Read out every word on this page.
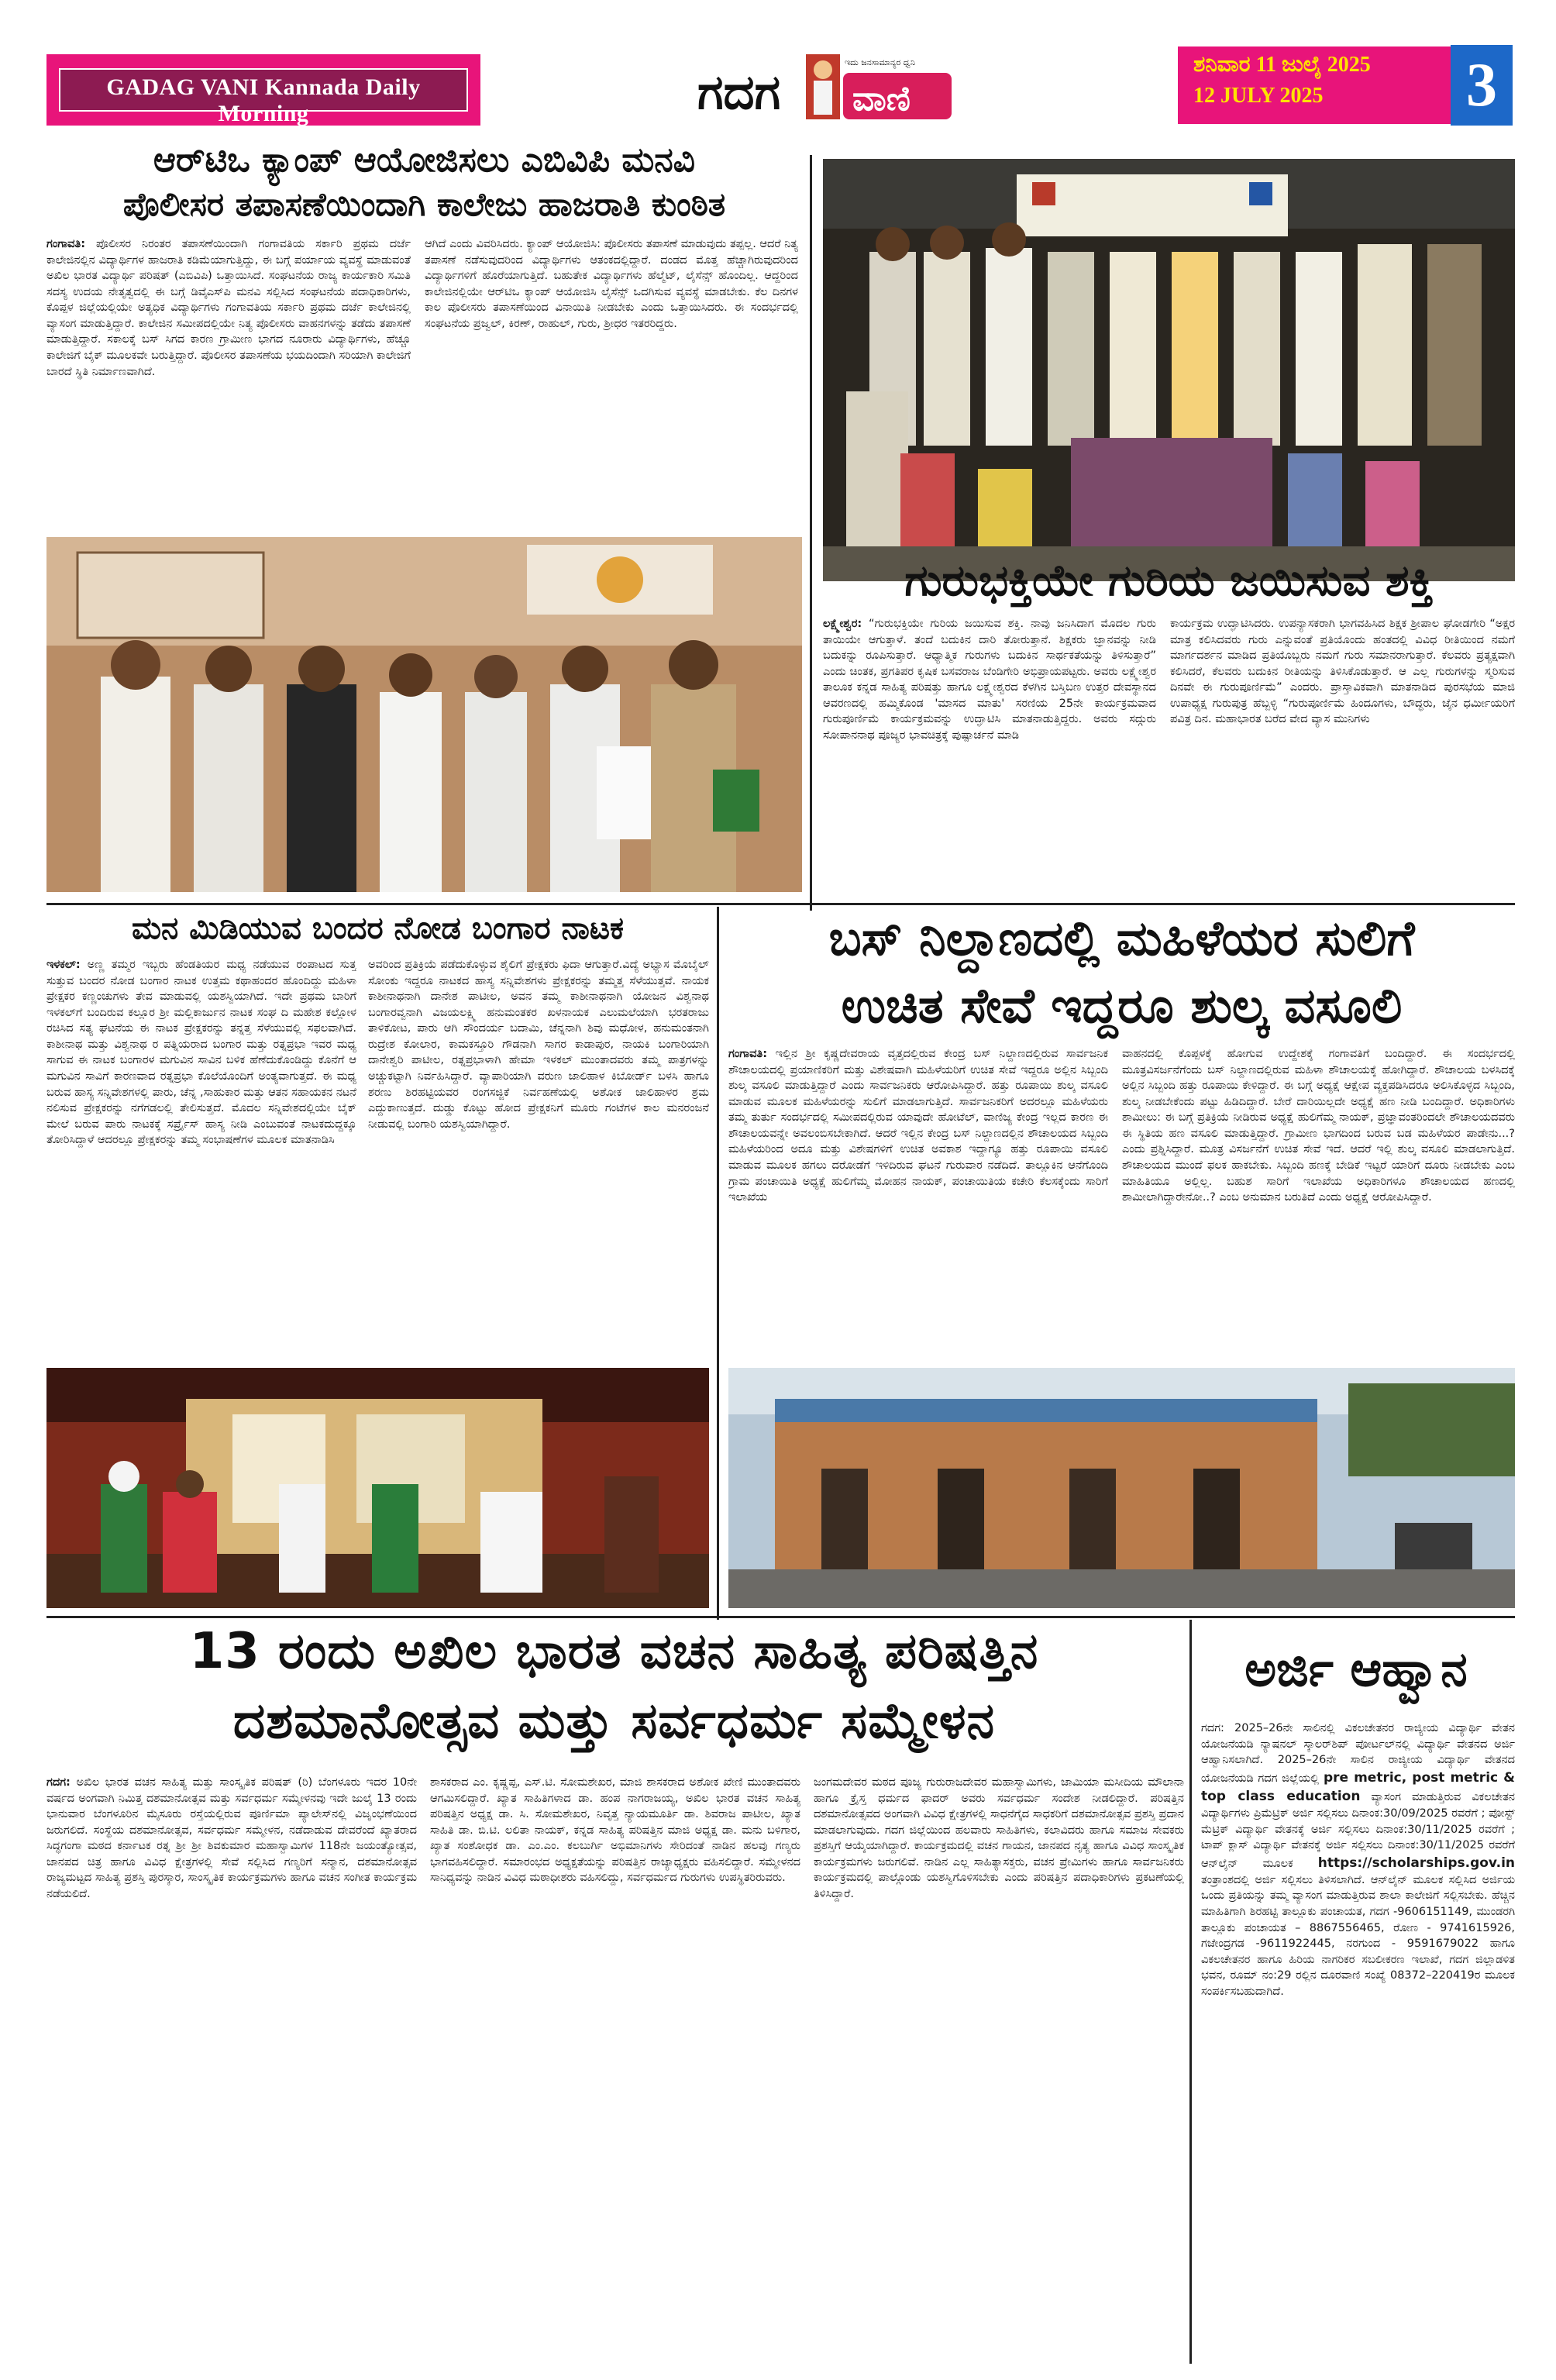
GADAG VANI Kannada Daily Morning	ಗದಗ
ಇದು ಜನಸಾಮಾನ್ಯರ ಧ್ವನಿ
ವಾಣಿ
ಶನಿವಾರ 11 ಜುಲೈ 2025
12 JULY 2025 3
ಆರ್‌ಟಿಒ ಕ್ಯಾಂಪ್ ಆಯೋಜಿಸಲು ಎಬಿವಿಪಿ ಮನವಿ
ಪೊಲೀಸರ ತಪಾಸಣೆಯಿಂದಾಗಿ ಕಾಲೇಜು ಹಾಜರಾತಿ ಕುಂಠಿತ
ಗಂಗಾವತಿ: ಪೊಲೀಸರ ನಿರಂತರ ತಪಾಸಣೆಯಿಂದಾಗಿ ಗಂಗಾವತಿಯ ಸರ್ಕಾರಿ ಪ್ರಥಮ ದರ್ಜೆ ಕಾಲೇಜಿನಲ್ಲಿನ ವಿದ್ಯಾರ್ಥಿಗಳ ಹಾಜರಾತಿ ಕಡಿಮೆಯಾಗುತ್ತಿದ್ದು, ಈ ಬಗ್ಗೆ ಪರ್ಯಾಯ ವ್ಯವಸ್ಥೆ ಮಾಡುವಂತೆ ಅಖಿಲ ಭಾರತ ವಿದ್ಯಾರ್ಥಿ ಪರಿಷತ್ (ಎಬಿವಿಪಿ) ಒತ್ತಾಯಿಸಿದೆ. ಸಂಘಟನೆಯ ರಾಜ್ಯ ಕಾರ್ಯಕಾರಿ ಸಮಿತಿ ಸದಸ್ಯ ಉದಯ ನೇತೃತ್ವದಲ್ಲಿ ಈ ಬಗ್ಗೆ ಡಿವೈಎಸ್‌ಪಿ ಮನವಿ ಸಲ್ಲಿಸಿದ ಸಂಘಟನೆಯ ಪದಾಧಿಕಾರಿಗಳು, ಕೊಪ್ಪಳ ಜಿಲ್ಲೆಯಲ್ಲಿಯೇ ಅತ್ಯಧಿಕ ವಿದ್ಯಾರ್ಥಿಗಳು ಗಂಗಾವತಿಯ ಸರ್ಕಾರಿ ಪ್ರಥಮ ದರ್ಜೆ ಕಾಲೇಜಿನಲ್ಲಿ ವ್ಯಾಸಂಗ ಮಾಡುತ್ತಿದ್ದಾರೆ. ಕಾಲೇಜಿನ ಸಮೀಪದಲ್ಲಿಯೇ ನಿತ್ಯ ಪೊಲೀಸರು ವಾಹನಗಳನ್ನು ತಡೆದು ತಪಾಸಣೆ ಮಾಡುತ್ತಿದ್ದಾರೆ. ಸಕಾಲಕ್ಕೆ ಬಸ್ ಸಿಗದ ಕಾರಣ ಗ್ರಾಮೀಣ ಭಾಗದ ನೂರಾರು ವಿದ್ಯಾರ್ಥಿಗಳು, ಹೆಚ್ಚೂ ಕಾಲೇಜಿಗೆ ಬೈಕ್ ಮೂಲಕವೇ ಬರುತ್ತಿದ್ದಾರೆ. ಪೊಲೀಸರ ತಪಾಸಣೆಯ ಭಯದಿಂದಾಗಿ ಸರಿಯಾಗಿ ಕಾಲೇಜಿಗೆ ಬಾರದೆ ಸ್ಥಿತಿ ನಿರ್ಮಾಣವಾಗಿದೆ.
ಆಗಿದೆ ಎಂದು ವಿವರಿಸಿದರು. ಕ್ಯಾಂಪ್ ಆಯೋಜಿಸಿ: ಪೊಲೀಸರು ತಪಾಸಣೆ ಮಾಡುವುದು ತಪ್ಪಲ್ಲ. ಆದರೆ ನಿತ್ಯ ತಪಾಸಣೆ ನಡೆಸುವುದರಿಂದ ವಿದ್ಯಾರ್ಥಿಗಳು ಆತಂಕದಲ್ಲಿದ್ದಾರೆ. ದಂಡದ ಮೊತ್ತ ಹೆಚ್ಚಾಗಿರುವುದರಿಂದ ವಿದ್ಯಾರ್ಥಿಗಳಿಗೆ ಹೊರೆಯಾಗುತ್ತಿದೆ. ಬಹುತೇಕ ವಿದ್ಯಾರ್ಥಿಗಳು ಹೆಲ್ಮೆಟ್, ಲೈಸೆನ್ಸ್ ಹೊಂದಿಲ್ಲ. ಆದ್ದರಿಂದ ಕಾಲೇಜಿನಲ್ಲಿಯೇ ಆರ್‌ಟಿಒ ಕ್ಯಾಂಪ್ ಆಯೋಜಿಸಿ ಲೈಸೆನ್ಸ್ ಒದಗಿಸುವ ವ್ಯವಸ್ಥೆ ಮಾಡಬೇಕು. ಕೆಲ ದಿನಗಳ ಕಾಲ ಪೊಲೀಸರು ತಪಾಸಣೆಯಿಂದ ವಿನಾಯಿತಿ ನೀಡಬೇಕು ಎಂದು ಒತ್ತಾಯಿಸಿದರು. ಈ ಸಂದರ್ಭದಲ್ಲಿ ಸಂಘಟನೆಯ ಪ್ರಜ್ವಲ್, ಕಿರಣ್, ರಾಹುಲ್, ಗುರು, ಶ್ರೀಧರ ಇತರರಿದ್ದರು.
ಗುರುಭಕ್ತಿಯೇ ಗುರಿಯ ಜಯಿಸುವ ಶಕ್ತಿ
ಲಕ್ಷ್ಮೇಶ್ವರ: “ಗುರುಭಕ್ತಿಯೇ ಗುರಿಯ ಜಯಿಸುವ ಶಕ್ತಿ. ನಾವು ಜನಿಸಿದಾಗ ಮೊದಲ ಗುರು ತಾಯಿಯೇ ಆಗುತ್ತಾಳೆ. ತಂದೆ ಬದುಕಿನ ದಾರಿ ತೋರುತ್ತಾನೆ. ಶಿಕ್ಷಕರು ಜ್ಞಾನವನ್ನು ನೀಡಿ ಬದುಕನ್ನು ರೂಪಿಸುತ್ತಾರೆ. ಆಧ್ಯಾತ್ಮಿಕ ಗುರುಗಳು ಬದುಕಿನ ಸಾರ್ಥಕತೆಯನ್ನು ತಿಳಿಸುತ್ತಾರೆ” ಎಂದು ಚಿಂತಕ, ಪ್ರಗತಿಪರ ಕೃಷಿಕ ಬಸವರಾಜ ಬೆಂಡಿಗೇರಿ ಅಭಿಪ್ರಾಯಪಟ್ಟರು. ಅವರು ಲಕ್ಷ್ಮೇಶ್ವರ ತಾಲೂಕ ಕನ್ನಡ ಸಾಹಿತ್ಯ ಪರಿಷತ್ತು ಹಾಗೂ ಲಕ್ಷ್ಮೇಶ್ವರದ ಕೆಳಗಿನ ಬಸ್ತಿಬಣ ಉತ್ತರ ದೇವಸ್ಥಾನದ ಆವರಣದಲ್ಲಿ ಹಮ್ಮಿಕೊಂಡ 'ಮಾಸದ ಮಾತು' ಸರಣಿಯ 25ನೇ ಕಾರ್ಯಕ್ರಮವಾದ ಗುರುಪೂರ್ಣಿಮೆ ಕಾರ್ಯಕ್ರಮವನ್ನು ಉದ್ಘಾಟಿಸಿ ಮಾತನಾಡುತ್ತಿದ್ದರು. ಅವರು ಸದ್ಗುರು ಸೋಪಾನನಾಥ ಪೂಜ್ಯರ ಭಾವಚಿತ್ರಕ್ಕೆ ಪುಷ್ಪಾರ್ಚನೆ ಮಾಡಿ
ಕಾರ್ಯಕ್ರಮ ಉದ್ಘಾಟಿಸಿದರು. ಉಪನ್ಯಾಸಕರಾಗಿ ಭಾಗವಹಿಸಿದ ಶಿಕ್ಷಕ ಶ್ರೀಪಾಲ ಘೋಡಗೇರಿ “ಅಕ್ಷರ ಮಾತ್ರ ಕಲಿಸಿದವರು ಗುರು ಎನ್ನುವಂತೆ ಪ್ರತಿಯೊಂದು ಹಂತದಲ್ಲಿ ವಿವಿಧ ರೀತಿಯಿಂದ ನಮಗೆ ಮಾರ್ಗದರ್ಶನ ಮಾಡಿದ ಪ್ರತಿಯೊಬ್ಬರು ನಮಗೆ ಗುರು ಸಮಾನರಾಗುತ್ತಾರೆ. ಕೆಲವರು ಪ್ರತ್ಯಕ್ಷವಾಗಿ ಕಲಿಸಿದರೆ, ಕೆಲವರು ಬದುಕಿನ ರೀತಿಯನ್ನು ತಿಳಿಸಿಕೊಡುತ್ತಾರೆ. ಆ ಎಲ್ಲ ಗುರುಗಳನ್ನು ಸ್ಮರಿಸುವ ದಿನವೇ ಈ ಗುರುಪೂರ್ಣಿಮೆ” ಎಂದರು. ಪ್ರಾಸ್ತಾವಿಕವಾಗಿ ಮಾತನಾಡಿದ ಪುರಸಭೆಯ ಮಾಜಿ ಉಪಾಧ್ಯಕ್ಷ ಗುರುಪುತ್ರ ಹೆಬ್ಬಳ್ಳಿ “ಗುರುಪೂರ್ಣಿಮೆ ಹಿಂದೂಗಳು, ಬೌದ್ಧರು, ಜೈನ ಧರ್ಮೀಯರಿಗೆ ಪವಿತ್ರ ದಿನ. ಮಹಾಭಾರತ ಬರೆದ ವೇದ ವ್ಯಾಸ ಮುನಿಗಳು
ಮನ ಮಿಡಿಯುವ ಬಂದರ ನೋಡ ಬಂಗಾರ ನಾಟಕ
ಇಳಕಲ್: ಅಣ್ಣ ತಮ್ಮರ ಇಬ್ಬರು ಹೆಂಡತಿಯರ ಮಧ್ಯ ನಡೆಯುವ ರಂಪಾಟದ ಸುತ್ತ ಸುತ್ತುವ ಬಂದರ ನೋಡ ಬಂಗಾರ ನಾಟಕ ಉತ್ತಮ ಕಥಾಹಂದರ ಹೊಂದಿದ್ದು ಮಹಿಳಾ ಪ್ರೇಕ್ಷಕರ ಕಣ್ಣಂಚುಗಳು ತೇವ ಮಾಡುವಲ್ಲಿ ಯಶಸ್ವಿಯಾಗಿದೆ. ಇದೇ ಪ್ರಥಮ ಬಾರಿಗೆ ಇಳಕಲ್‌ಗೆ ಬಂದಿರುವ ಕಲ್ಲೂರ ಶ್ರೀ ಮಲ್ಲಿಕಾರ್ಜುನ ನಾಟಕ ಸಂಘ ದಿ ಮಹೇಶ ಕಲ್ಲೋಳ ರಚಿಸಿದ ಸತ್ಯ ಘಟನೆಯ ಈ ನಾಟಕ ಪ್ರೇಕ್ಷಕರನ್ನು ತನ್ನತ್ತ ಸೆಳೆಯುವಲ್ಲಿ ಸಫಲವಾಗಿದೆ. ಕಾಶೀನಾಥ ಮತ್ತು ವಿಶ್ವನಾಥ ರ ಪತ್ನಿಯರಾದ ಬಂಗಾರ ಮತ್ತು ರತ್ನಪ್ರಭಾ ಇವರ ಮಧ್ಯ ಸಾಗುವ ಈ ನಾಟಕ ಬಂಗಾರಳ ಮಗುವಿನ ಸಾವಿನ ಬಳಿಕ ಹೆಣೆದುಕೊಂಡಿದ್ದು ಕೊನೆಗೆ ಆ ಮಗುವಿನ ಸಾವಿಗೆ ಕಾರಣವಾದ ರತ್ನಪ್ರಭಾ ಕೊಲೆಯೊಂದಿಗೆ ಅಂತ್ಯವಾಗುತ್ತದೆ. ಈ ಮಧ್ಯ ಬರುವ ಹಾಸ್ಯ ಸನ್ನಿವೇಶಗಳಲ್ಲಿ ಪಾರು, ಚೆನ್ನ ,ಸಾಹುಕಾರ ಮತ್ತು ಆತನ ಸಹಾಯಕನ ನಟನೆ ನಲಿಸುವ ಪ್ರೇಕ್ಷಕರನ್ನು ನಗೆಗಡಲಲ್ಲಿ ತೇಲಿಸುತ್ತದೆ. ಮೊದಲ ಸನ್ನಿವೇಶದಲ್ಲಿಯೇ ಬೈಕ್ ಮೇಲೆ ಬರುವ ಪಾರು ನಾಟಕಕ್ಕೆ ಸರ್ಪ್ರೈಸ್ ಹಾಸ್ಯ ನೀಡಿ ಎಂಬುವಂತೆ ನಾಟಕದುದ್ದಕ್ಕೂ ತೋರಿಸಿದ್ದಾಳೆ ಆದರಲ್ಲೂ ಪ್ರೇಕ್ಷಕರನ್ನು ತಮ್ಮ ಸಂಭಾಷಣೆಗಳ ಮೂಲಕ ಮಾತನಾಡಿಸಿ
ಅವರಿಂದ ಪ್ರತಿಕ್ರಿಯೆ ಪಡೆದುಕೊಳ್ಳುವ ಶೈಲಿಗೆ ಪ್ರೇಕ್ಷಕರು ಫಿದಾ ಆಗುತ್ತಾರೆ.ವಿದ್ಯೆ ಅಭ್ಯಾಸ ಮೊಬೈಲ್ ಸೋಂಕು ಇದ್ದರೂ ನಾಟಕದ ಹಾಸ್ಯ ಸನ್ನಿವೇಶಗಳು ಪ್ರೇಕ್ಷಕರನ್ನು ತಮ್ಮತ್ತ ಸೆಳೆಯುತ್ತವೆ. ನಾಯಕ ಕಾಶೀನಾಥನಾಗಿ ದಾನೇಶ ಪಾಟೀಲ, ಅವನ ತಮ್ಮ ಕಾಶೀನಾಥನಾಗಿ ಯೋಜನ ವಿಶ್ವನಾಥ ಬಂಗಾರವ್ವನಾಗಿ ವಿಜಯಲಕ್ಷ್ಮಿ ಹನುಮಂತಕರ ಖಳನಾಯಕ ಎಲುಮಲೆಯಾಗಿ ಭರತರಾಜು ತಾಳಿಕೋಟ, ಪಾರು ಆಗಿ ಸೌಂದರ್ಯ ಬದಾಮಿ, ಚೆನ್ನನಾಗಿ ಶಿವು ಮಧೋಳ, ಹನುಮಂತನಾಗಿ ರುದ್ರೇಶ ಕೋಲಾರ, ಕಾಮಕಸ್ತೂರಿ ಗೌಡನಾಗಿ ಸಾಗರ ಕಾಡಾಪುರ, ನಾಯಕಿ ಬಂಗಾರಿಯಾಗಿ ದಾನೇಶ್ವರಿ ಪಾಟೀಲ, ರತ್ನಪ್ರಭಾಳಾಗಿ ಹೇಮಾ ಇಳಕಲ್ ಮುಂತಾದವರು ತಮ್ಮ ಪಾತ್ರಗಳನ್ನು ಅಚ್ಚುಕಟ್ಟಾಗಿ ನಿರ್ವಹಿಸಿದ್ದಾರೆ. ವ್ಯಾಪಾರಿಯಾಗಿ ವರುಣ ಜಾಲಿಹಾಳ ಕಿಬೋರ್ಡ್ ಬಳಸಿ ಹಾಗೂ ಶರಣು ಶಿರಹಟ್ಟಿಯವರ ರಂಗಸಜ್ಜಿಕೆ ನಿರ್ವಹಣೆಯಲ್ಲಿ ಅಶೋಕ ಜಾಲಿಹಾಳರ ಶ್ರಮ ಎದ್ದುಕಾಣುತ್ತದೆ. ದುಡ್ಡು ಕೊಟ್ಟು ಹೋದ ಪ್ರೇಕ್ಷಕನಿಗೆ ಮೂರು ಗಂಟೆಗಳ ಕಾಲ ಮನರಂಜನೆ ನೀಡುವಲ್ಲಿ ಬಂಗಾರಿ ಯಶಸ್ವಿಯಾಗಿದ್ದಾರೆ.
ಬಸ್ ನಿಲ್ದಾಣದಲ್ಲಿ ಮಹಿಳೆಯರ ಸುಲಿಗೆ
ಉಚಿತ ಸೇವೆ ಇದ್ದರೂ ಶುಲ್ಕ ವಸೂಲಿ
ಗಂಗಾವತಿ: ಇಲ್ಲಿನ ಶ್ರೀ ಕೃಷ್ಣದೇವರಾಯ ವೃತ್ತದಲ್ಲಿರುವ ಕೇಂದ್ರ ಬಸ್ ನಿಲ್ದಾಣದಲ್ಲಿರುವ ಸಾರ್ವಜನಿಕ ಶೌಚಾಲಯದಲ್ಲಿ ಪ್ರಯಾಣಿಕರಿಗೆ ಮತ್ತು ವಿಶೇಷವಾಗಿ ಮಹಿಳೆಯರಿಗೆ ಉಚಿತ ಸೇವೆ ಇದ್ದರೂ ಅಲ್ಲಿನ ಸಿಬ್ಬಂದಿ ಶುಲ್ಕ ವಸೂಲಿ ಮಾಡುತ್ತಿದ್ದಾರೆ ಎಂದು ಸಾರ್ವಜನಿಕರು ಆರೋಪಿಸಿದ್ದಾರೆ. ಹತ್ತು ರೂಪಾಯಿ ಶುಲ್ಕ ವಸೂಲಿ ಮಾಡುವ ಮೂಲಕ ಮಹಿಳೆಯರನ್ನು ಸುಲಿಗೆ ಮಾಡಲಾಗುತ್ತಿದೆ. ಸಾರ್ವಜನಿಕರಿಗೆ ಅದರಲ್ಲೂ ಮಹಿಳೆಯರು ತಮ್ಮ ತುರ್ತು ಸಂದರ್ಭದಲ್ಲಿ ಸಮೀಪದಲ್ಲಿರುವ ಯಾವುದೇ ಹೋಟೆಲ್, ವಾಣಿಜ್ಯ ಕೇಂದ್ರ ಇಲ್ಲದ ಕಾರಣ ಈ ಶೌಚಾಲಯವನ್ನೇ ಅವಲಂಬಿಸಬೇಕಾಗಿದೆ. ಆದರೆ ಇಲ್ಲಿನ ಕೇಂದ್ರ ಬಸ್ ನಿಲ್ದಾಣದಲ್ಲಿನ ಶೌಚಾಲಯದ ಸಿಬ್ಬಂದಿ ಮಹಿಳೆಯರಿಂದ ಅದೂ ಮತ್ತು ವಿಶೇಷಗಳಿಗೆ ಉಚಿತ ಅವಕಾಶ ಇದ್ದಾಗ್ಯೂ ಹತ್ತು ರೂಪಾಯಿ ವಸೂಲಿ ಮಾಡುವ ಮೂಲಕ ಹಗಲು ದರೋಡೆಗೆ ಇಳಿದಿರುವ ಘಟನೆ ಗುರುವಾರ ನಡೆದಿದೆ. ತಾಲ್ಲೂಕಿನ ಆನೆಗೊಂದಿ ಗ್ರಾಮ ಪಂಚಾಯಿತಿ ಅಧ್ಯಕ್ಷೆ ಹುಲಿಗೆಮ್ಮ ಮೋಹನ ನಾಯಕ್, ಪಂಚಾಯಿತಿಯ ಕಚೇರಿ ಕೆಲಸಕ್ಕೆಂದು ಸಾರಿಗೆ ಇಲಾಖೆಯ
ವಾಹನದಲ್ಲಿ ಕೊಪ್ಪಳಕ್ಕೆ ಹೋಗುವ ಉದ್ದೇಶಕ್ಕೆ ಗಂಗಾವತಿಗೆ ಬಂದಿದ್ದಾರೆ. ಈ ಸಂದರ್ಭದಲ್ಲಿ ಮೂತ್ರವಿಸರ್ಜನೆಗೆಂದು ಬಸ್ ನಿಲ್ದಾಣದಲ್ಲಿರುವ ಮಹಿಳಾ ಶೌಚಾಲಯಕ್ಕೆ ಹೋಗಿದ್ದಾರೆ. ಶೌಚಾಲಯ ಬಳಸಿದಕ್ಕೆ ಅಲ್ಲಿನ ಸಿಬ್ಬಂದಿ ಹತ್ತು ರೂಪಾಯಿ ಕೇಳಿದ್ದಾರೆ. ಈ ಬಗ್ಗೆ ಅಧ್ಯಕ್ಷೆ ಆಕ್ಷೇಪ ವ್ಯಕ್ತಪಡಿಸಿದರೂ ಅಲಿಸಿಕೊಳ್ಳದ ಸಿಬ್ಬಂದಿ, ಶುಲ್ಕ ನೀಡಬೇಕೆಂದು ಪಟ್ಟು ಹಿಡಿದಿದ್ದಾರೆ. ಬೇರೆ ದಾರಿಯಿಲ್ಲದೇ ಅಧ್ಯಕ್ಷೆ ಹಣ ನೀಡಿ ಬಂದಿದ್ದಾರೆ. ಅಧಿಕಾರಿಗಳು ಶಾಮೀಲು: ಈ ಬಗ್ಗೆ ಪ್ರತಿಕ್ರಿಯೆ ನೀಡಿರುವ ಅಧ್ಯಕ್ಷೆ ಹುಲಿಗೆಮ್ಮ ನಾಯಕ್, ಪ್ರಜ್ಞಾವಂತರಿಂದಲೇ ಶೌಚಾಲಯದವರು ಈ ಸ್ಥಿತಿಯ ಹಣ ವಸೂಲಿ ಮಾಡುತ್ತಿದ್ದಾರೆ. ಗ್ರಾಮೀಣ ಭಾಗದಿಂದ ಬರುವ ಬಡ ಮಹಿಳೆಯರ ಪಾಡೇನು...? ಎಂದು ಪ್ರಶ್ನಿಸಿದ್ದಾರೆ. ಮೂತ್ರ ವಿಸರ್ಜನೆಗೆ ಉಚಿತ ಸೇವೆ ಇದೆ. ಆದರೆ ಇಲ್ಲಿ ಶುಲ್ಕ ವಸೂಲಿ ಮಾಡಲಾಗುತ್ತಿದೆ. ಶೌಚಾಲಯದ ಮುಂದೆ ಫಲಕ ಹಾಕಬೇಕು. ಸಿಬ್ಬಂದಿ ಹಣಕ್ಕೆ ಬೇಡಿಕೆ ಇಟ್ಟರೆ ಯಾರಿಗೆ ದೂರು ನೀಡಬೇಕು ಎಂಬ ಮಾಹಿತಿಯೂ ಅಲ್ಲಿಲ್ಲ. ಬಹುಶ ಸಾರಿಗೆ ಇಲಾಖೆಯ ಅಧಿಕಾರಿಗಳೂ ಶೌಚಾಲಯದ ಹಣದಲ್ಲಿ ಶಾಮೀಲಾಗಿದ್ದಾರೇನೋ..? ಎಂಬ ಅನುಮಾನ ಬರುತಿದೆ ಎಂದು ಅಧ್ಯಕ್ಷೆ ಆರೋಪಿಸಿದ್ದಾರೆ.
13 ರಂದು ಅಖಿಲ ಭಾರತ ವಚನ ಸಾಹಿತ್ಯ ಪರಿಷತ್ತಿನ
ದಶಮಾನೋತ್ಸವ ಮತ್ತು ಸರ್ವಧರ್ಮ ಸಮ್ಮೇಳನ
ಗದಗ: ಅಖಿಲ ಭಾರತ ವಚನ ಸಾಹಿತ್ಯ ಮತ್ತು ಸಾಂಸ್ಕೃತಿಕ ಪರಿಷತ್ (ರಿ) ಬೆಂಗಳೂರು ಇದರ 10ನೇ ವರ್ಷದ ಅಂಗವಾಗಿ ನಿಮಿತ್ತ ದಶಮಾನೋತ್ಸವ ಮತ್ತು ಸರ್ವಧರ್ಮ ಸಮ್ಮೇಳನವು ಇದೇ ಜುಲೈ 13 ರಂದು ಭಾನುವಾರ ಬೆಂಗಳೂರಿನ ಮೈಸೂರು ರಸ್ತೆಯಲ್ಲಿರುವ ಪೂರ್ಣಿಮಾ ಪ್ಯಾಲೇಸ್‌ನಲ್ಲಿ ವಿಜೃಂಭಣೆಯಿಂದ ಜರುಗಲಿದೆ. ಸಂಸ್ಥೆಯ ದಶಮಾನೋತ್ಸವ, ಸರ್ವಧರ್ಮ ಸಮ್ಮೇಳನ, ನಡೆದಾಡುವ ದೇವರೆಂದೆ ಖ್ಯಾತರಾದ ಸಿದ್ಧಗಂಗಾ ಮಠದ ಕರ್ನಾಟಕ ರತ್ನ ಶ್ರೀ ಶ್ರೀ ಶಿವಕುಮಾರ ಮಹಾಸ್ವಾಮಿಗಳ 118ನೇ ಜಯಂತ್ಯೋತ್ಸವ, ಜಾನಪದ ಚಿತ್ರ ಹಾಗೂ ವಿವಿಧ ಕ್ಷೇತ್ರಗಳಲ್ಲಿ ಸೇವೆ ಸಲ್ಲಿಸಿದ ಗಣ್ಯರಿಗೆ ಸನ್ಮಾನ, ದಶಮಾನೋತ್ಸವ ರಾಜ್ಯಮಟ್ಟದ ಸಾಹಿತ್ಯ ಪ್ರಶಸ್ತಿ ಪುರಸ್ಕಾರ, ಸಾಂಸ್ಕೃತಿಕ ಕಾರ್ಯಕ್ರಮಗಳು ಹಾಗೂ ವಚನ ಸಂಗೀತ ಕಾರ್ಯಕ್ರಮ ನಡೆಯಲಿದೆ.
ಶಾಸಕರಾದ ಎಂ. ಕೃಷ್ಣಪ್ಪ, ಎಸ್.ಟಿ. ಸೋಮಶೇಖರ, ಮಾಜಿ ಶಾಸಕರಾದ ಅಶೋಕ ಖೇಣಿ ಮುಂತಾದವರು ಆಗಮಿಸಲಿದ್ದಾರೆ. ಖ್ಯಾತ ಸಾಹಿತಿಗಳಾದ ಡಾ. ಹಂಪ ನಾಗರಾಜಯ್ಯ, ಅಖಿಲ ಭಾರತ ವಚನ ಸಾಹಿತ್ಯ ಪರಿಷತ್ತಿನ ಅಧ್ಯಕ್ಷ ಡಾ. ಸಿ. ಸೋಮಶೇಖರ, ನಿವೃತ್ತ ನ್ಯಾಯಮೂರ್ತಿ ಡಾ. ಶಿವರಾಜ ಪಾಟೀಲ, ಖ್ಯಾತ ಸಾಹಿತಿ ಡಾ. ಬಿ.ಟಿ. ಲಲಿತಾ ನಾಯಕ್, ಕನ್ನಡ ಸಾಹಿತ್ಯ ಪರಿಷತ್ತಿನ ಮಾಜಿ ಅಧ್ಯಕ್ಷ ಡಾ. ಮನು ಬಳಿಗಾರ, ಖ್ಯಾತ ಸಂಶೋಧಕ ಡಾ. ಎಂ.ಎಂ. ಕಲಬುರ್ಗಿ ಅಭಿಮಾನಿಗಳು ಸೇರಿದಂತೆ ನಾಡಿನ ಹಲವು ಗಣ್ಯರು ಭಾಗವಹಿಸಲಿದ್ದಾರೆ. ಸಮಾರಂಭದ ಅಧ್ಯಕ್ಷತೆಯನ್ನು ಪರಿಷತ್ತಿನ ರಾಜ್ಯಾಧ್ಯಕ್ಷರು ವಹಿಸಲಿದ್ದಾರೆ. ಸಮ್ಮೇಳನದ ಸಾನಿಧ್ಯವನ್ನು ನಾಡಿನ ವಿವಿಧ ಮಠಾಧೀಶರು ವಹಿಸಲಿದ್ದು, ಸರ್ವಧರ್ಮದ ಗುರುಗಳು ಉಪಸ್ಥಿತರಿರುವರು.
ಜಂಗಮದೇವರ ಮಠದ ಪೂಜ್ಯ ಗುರುರಾಜದೇವರ ಮಹಾಸ್ವಾಮಿಗಳು, ಜಾಮಿಯಾ ಮಸೀದಿಯ ಮೌಲಾನಾ ಹಾಗೂ ಕ್ರೈಸ್ತ ಧರ್ಮದ ಫಾದರ್ ಅವರು ಸರ್ವಧರ್ಮ ಸಂದೇಶ ನೀಡಲಿದ್ದಾರೆ. ಪರಿಷತ್ತಿನ ದಶಮಾನೋತ್ಸವದ ಅಂಗವಾಗಿ ವಿವಿಧ ಕ್ಷೇತ್ರಗಳಲ್ಲಿ ಸಾಧನೆಗೈದ ಸಾಧಕರಿಗೆ ದಶಮಾನೋತ್ಸವ ಪ್ರಶಸ್ತಿ ಪ್ರದಾನ ಮಾಡಲಾಗುವುದು. ಗದಗ ಜಿಲ್ಲೆಯಿಂದ ಹಲವಾರು ಸಾಹಿತಿಗಳು, ಕಲಾವಿದರು ಹಾಗೂ ಸಮಾಜ ಸೇವಕರು ಪ್ರಶಸ್ತಿಗೆ ಆಯ್ಕೆಯಾಗಿದ್ದಾರೆ. ಕಾರ್ಯಕ್ರಮದಲ್ಲಿ ವಚನ ಗಾಯನ, ಜಾನಪದ ನೃತ್ಯ ಹಾಗೂ ವಿವಿಧ ಸಾಂಸ್ಕೃತಿಕ ಕಾರ್ಯಕ್ರಮಗಳು ಜರುಗಲಿವೆ. ನಾಡಿನ ಎಲ್ಲ ಸಾಹಿತ್ಯಾಸಕ್ತರು, ವಚನ ಪ್ರೇಮಿಗಳು ಹಾಗೂ ಸಾರ್ವಜನಿಕರು ಕಾರ್ಯಕ್ರಮದಲ್ಲಿ ಪಾಲ್ಗೊಂಡು ಯಶಸ್ವಿಗೊಳಿಸಬೇಕು ಎಂದು ಪರಿಷತ್ತಿನ ಪದಾಧಿಕಾರಿಗಳು ಪ್ರಕಟಣೆಯಲ್ಲಿ ತಿಳಿಸಿದ್ದಾರೆ.
ಅರ್ಜಿ ಆಹ್ವಾನ
ಗದಗ: 2025–26ನೇ ಸಾಲಿನಲ್ಲಿ ವಿಕಲಚೇತನರ ರಾಜ್ಯೀಯ ವಿದ್ಯಾರ್ಥಿ ವೇತನ ಯೋಜನೆಯಡಿ ನ್ಯಾಷನಲ್ ಸ್ಕಾಲರ್‌ಶಿಪ್ ಪೋರ್ಟಲ್‌ನಲ್ಲಿ ವಿದ್ಯಾರ್ಥಿ ವೇತನದ ಅರ್ಜಿ ಆಹ್ವಾನಿಸಲಾಗಿದೆ. 2025–26ನೇ ಸಾಲಿನ ರಾಜ್ಯೀಯ ವಿದ್ಯಾರ್ಥಿ ವೇತನದ ಯೋಜನೆಯಡಿ ಗದಗ ಜಿಲ್ಲೆಯಲ್ಲಿ pre metric, post metric & top class education ವ್ಯಾಸಂಗ ಮಾಡುತ್ತಿರುವ ವಿಕಲಚೇತನ ವಿದ್ಯಾರ್ಥಿಗಳು ಪ್ರಿಮೆಟ್ರಿಕ್ ಅರ್ಜಿ ಸಲ್ಲಿಸಲು ದಿನಾಂಕ:30/09/2025 ರವರೆಗೆ ; ಪೋಸ್ಟ್ ಮೆಟ್ರಿಕ್ ವಿದ್ಯಾರ್ಥಿ ವೇತನಕ್ಕೆ ಅರ್ಜಿ ಸಲ್ಲಿಸಲು ದಿನಾಂಕ:30/11/2025 ರವರೆಗೆ ; ಟಾಪ್ ಕ್ಲಾಸ್ ವಿದ್ಯಾರ್ಥಿ ವೇತನಕ್ಕೆ ಅರ್ಜಿ ಸಲ್ಲಿಸಲು ದಿನಾಂಕ:30/11/2025 ರವರೆಗೆ ಆನ್‌ಲೈನ್ ಮೂಲಕ https://scholarships.gov.in ತಂತ್ರಾಂಶದಲ್ಲಿ ಅರ್ಜಿ ಸಲ್ಲಿಸಲು ತಿಳಿಸಲಾಗಿದೆ. ಆನ್‌ಲೈನ್ ಮೂಲಕ ಸಲ್ಲಿಸಿದ ಅರ್ಜಿಯ ಒಂದು ಪ್ರತಿಯನ್ನು ತಮ್ಮ ವ್ಯಾಸಂಗ ಮಾಡುತ್ತಿರುವ ಶಾಲಾ ಕಾಲೇಜಿಗೆ ಸಲ್ಲಿಸಬೇಕು. ಹೆಚ್ಚಿನ ಮಾಹಿತಿಗಾಗಿ ಶಿರಹಟ್ಟಿ ತಾಲ್ಲೂಕು ಪಂಚಾಯತ, ಗದಗ -9606151149, ಮುಂಡರಗಿ ತಾಲ್ಲೂಕು ಪಂಚಾಯತ – 8867556465, ರೋಣ - 9741615926, ಗಜೇಂದ್ರಗಡ -9611922445, ನರಗುಂದ - 9591679022 ಹಾಗೂ ವಿಕಲಚೇತನರ ಹಾಗೂ ಹಿರಿಯ ನಾಗರಿಕರ ಸಬಲೀಕರಣ ಇಲಾಖೆ, ಗದಗ ಜಿಲ್ಲಾಡಳಿತ ಭವನ, ರೂಮ್ ನಂ:29 ರಲ್ಲಿನ ದೂರವಾಣಿ ಸಂಖ್ಯೆ 08372–220419ರ ಮೂಲಕ ಸಂಪರ್ಕಿಸಬಹುದಾಗಿದೆ.
